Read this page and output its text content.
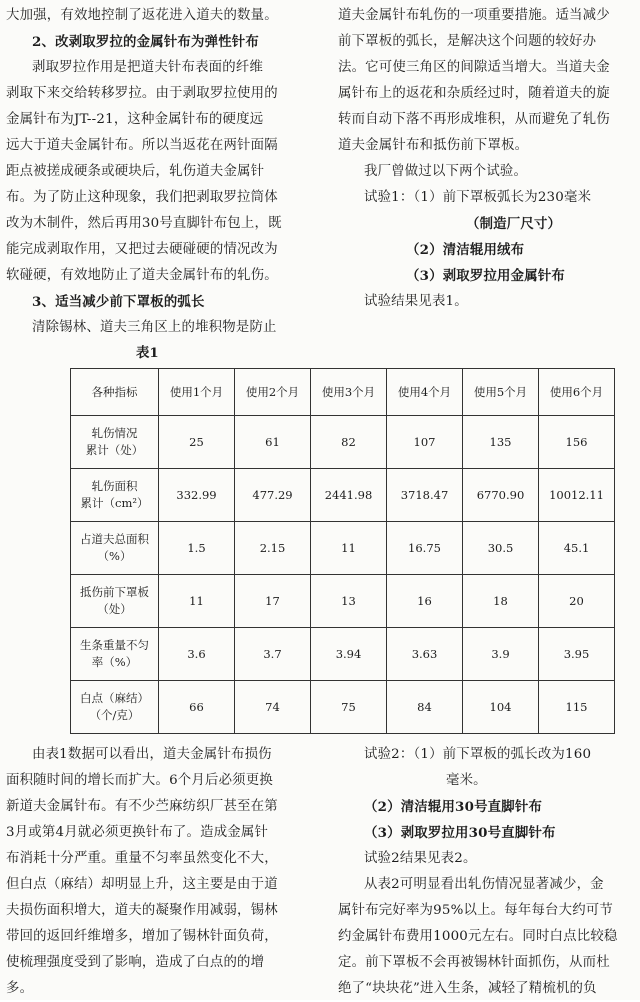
大加强，有效地控制了返花进入道夫的数量。

2、改剥取罗拉的金属针布为弹性针布

剥取罗拉作用是把道夫针布表面的纤维

剥取下来交给转移罗拉。由于剥取罗拉使用的

金属针布为JT--21，这种金属针布的硬度远

远大于道夫金属针布。所以当返花在两针面隔

距点被搓成硬条或硬块后，轧伤道夫金属针

布。为了防止这种现象，我们把剥取罗拉筒体

改为木制件，然后再用30号直脚针布包上，既

能完成剥取作用，又把过去硬碰硬的情况改为

软碰硬，有效地防止了道夫金属针布的轧伤。

3、适当减少前下罩板的弧长

清除锡林、道夫三角区上的堆积物是防止

道夫金属针布轧伤的一项重要措施。适当减少

前下罩板的弧长，是解决这个问题的较好办

法。它可使三角区的间隙适当增大。当道夫金

属针布上的返花和杂质经过时，随着道夫的旋

转而自动下落不再形成堆积，从而避免了轧伤

道夫金属针布和抵伤前下罩板。

我厂曾做过以下两个试验。

试验1：（1）前下罩板弧长为230毫米

（制造厂尺寸）

（2）清洁辊用绒布

（3）剥取罗拉用金属针布

试验结果见表1。

表1
各种指标	使用1个月	使用2个月	使用3个月	使用4个月	使用5个月	使用6个月
轧伤情况
累计（处）	25	61	82	107	135	156
轧伤面积
累计（cm²）	332.99	477.29	2441.98	3718.47	6770.90	10012.11
占道夫总面积
（%）	1.5	2.15	11	16.75	30.5	45.1
抵伤前下罩板
（处）	11	17	13	16	18	20
生条重量不匀
率（%）	3.6	3.7	3.94	3.63	3.9	3.95
白点（麻结）
（个/克）	66	74	75	84	104	115

由表1数据可以看出，道夫金属针布损伤

面积随时间的增长而扩大。6个月后必须更换

新道夫金属针布。有不少苎麻纺织厂甚至在第

3月或第4月就必须更换针布了。造成金属针

布消耗十分严重。重量不匀率虽然变化不大，

但白点（麻结）却明显上升，这主要是由于道

夫损伤面积增大，道夫的凝聚作用减弱，锡林

带回的返回纤维增多，增加了锡林针面负荷，

使梳理强度受到了影响，造成了白点的的增

多。

试验2：（1）前下罩板的弧长改为160

毫米。

（2）清洁辊用30号直脚针布

（3）剥取罗拉用30号直脚针布

试验2结果见表2。

从表2可明显看出轧伤情况显著减少，金

属针布完好率为95%以上。每年每台大约可节

约金属针布费用1000元左右。同时白点比较稳

定。前下罩板不会再被锡林针面抓伤，从而杜

绝了“块块花”进入生条，减轻了精梳机的负
